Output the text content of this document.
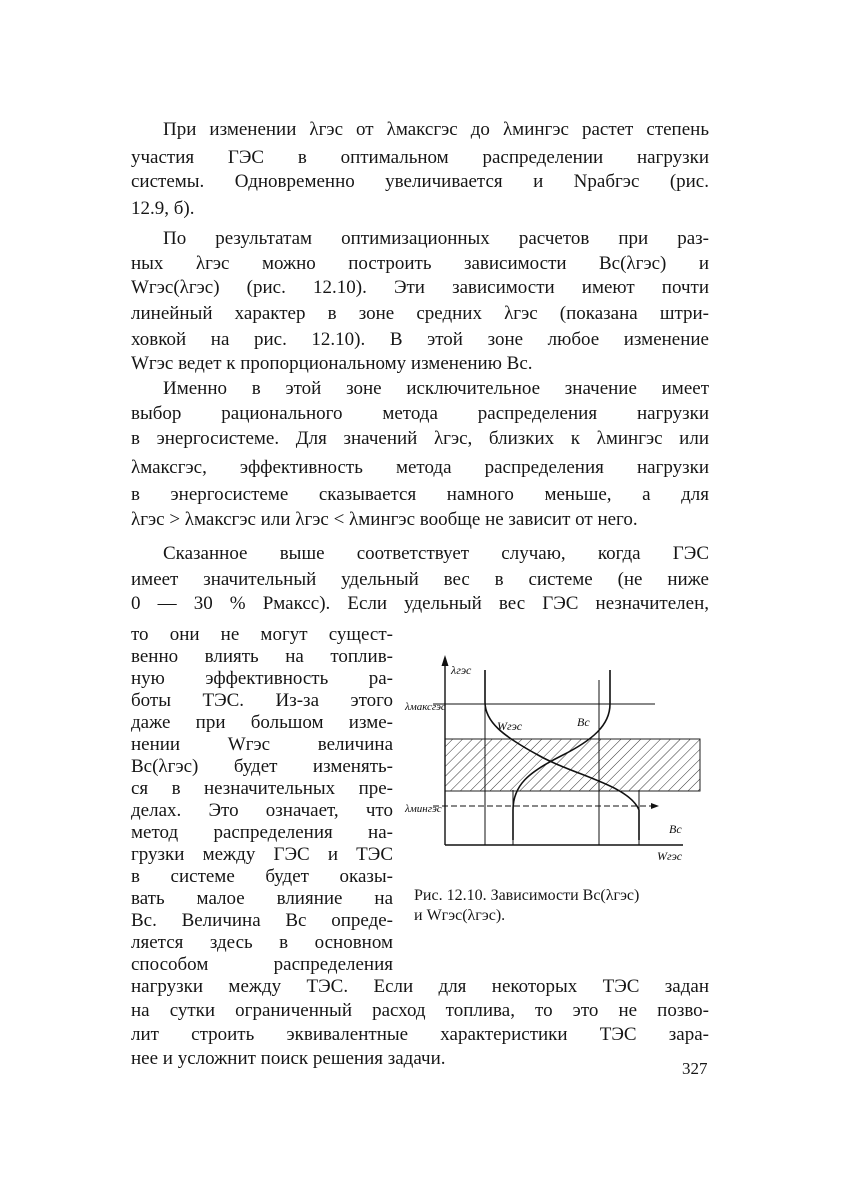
При изменении λгэс от λмаксгэс до λмингэс растет степень
участия ГЭС в оптимальном распределении нагрузки
системы. Одновременно увеличивается и Nрабгэс (рис.
12.9, б).
По результатам оптимизационных расчетов при раз-
ных λгэс можно построить зависимости Вс(λгэс) и
Wгэс(λгэс) (рис. 12.10). Эти зависимости имеют почти
линейный характер в зоне средних λгэс (показана штри-
ховкой на рис. 12.10). В этой зоне любое изменение
Wгэс ведет к пропорциональному изменению Вс.
Именно в этой зоне исключительное значение имеет
выбор рационального метода распределения нагрузки
в энергосистеме. Для значений λгэс, близких к λмингэс или
λмаксгэс, эффективность метода распределения нагрузки
в энергосистеме сказывается намного меньше, а для
λгэс > λмаксгэс или λгэс < λмингэс вообще не зависит от него.
Сказанное выше соответствует случаю, когда ГЭС
имеет значительный удельный вес в системе (не ниже
0 — 30 % Pмаксс). Если удельный вес ГЭС незначителен,
то они не могут сущест-
венно влиять на топлив-
ную эффективность ра-
боты ТЭС. Из-за этого
даже при большом изме-
нении Wгэс величина
Вс(λгэс) будет изменять-
ся в незначительных пре-
делах. Это означает, что
метод распределения на-
грузки между ГЭС и ТЭС
в системе будет оказы-
вать малое влияние на
Вс. Величина Вс опреде-
ляется здесь в основном
способом распределения
нагрузки между ТЭС. Если для некоторых ТЭС задан
на сутки ограниченный расход топлива, то это не позво-
лит строить эквивалентные характеристики ТЭС зара-
нее и усложнит поиск решения задачи.
λгэс
λмаксгэс
λмингэс
Wгэс	Вс
Вс
Wгэс
Рис. 12.10. Зависимости Вс(λгэс)
и Wгэс(λгэс).
327
